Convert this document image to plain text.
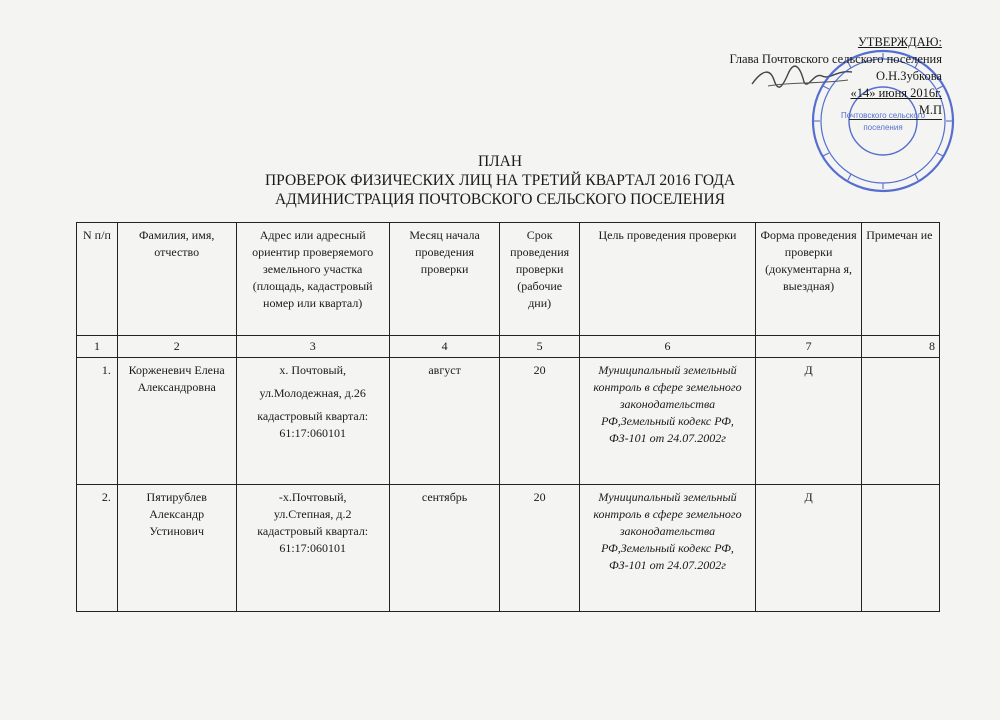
Почтовского сельского
поселения
УТВЕРЖДАЮ:
Глава Почтовского сельского поселения
О.Н.Зубкова
«14» июня 2016г.
М.П
ПЛАН
ПРОВЕРОК ФИЗИЧЕСКИХ ЛИЦ НА ТРЕТИЙ КВАРТАЛ 2016 ГОДА
АДМИНИСТРАЦИЯ ПОЧТОВСКОГО СЕЛЬСКОГО ПОСЕЛЕНИЯ
N п/п	Фамилия, имя, отчество	Адрес или адресный ориентир проверяемого земельного участка (площадь, кадастровый номер или квартал)	Месяц начала проведения проверки	Срок проведения проверки (рабочие дни)	Цель проведения проверки	Форма проведения проверки (документарна я, выездная)	Примечан ие
1	2	3	4	5	6	7	8
1.	Корженевич Елена Александровна	х. Почтовый,

ул.Молодежная, д.26

кадастровый квартал: 61:17:060101	август	20	Муниципальный земельный контроль в сфере земельного законодательства РФ,Земельный кодекс РФ, ФЗ-101 от 24.07.2002г	Д	
2.	Пятирублев Александр Устинович	-х.Почтовый,

ул.Степная, д.2

кадастровый квартал: 61:17:060101	сентябрь	20	Муниципальный земельный контроль в сфере земельного законодательства РФ,Земельный кодекс РФ, ФЗ-101 от 24.07.2002г	Д	
